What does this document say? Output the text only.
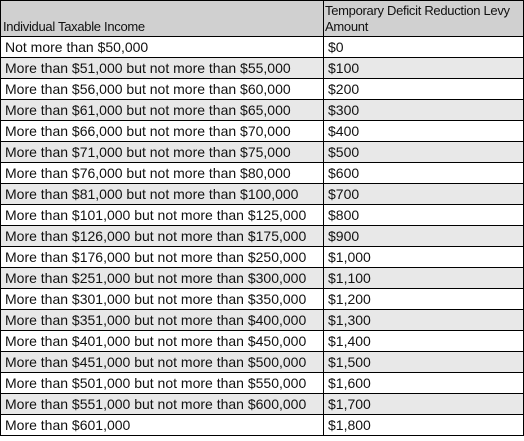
Individual Taxable Income	Temporary Deficit Reduction Levy Amount
Not more than $50,000	$0
More than $51,000 but not more than $55,000	$100
More than $56,000 but not more than $60,000	$200
More than $61,000 but not more than $65,000	$300
More than $66,000 but not more than $70,000	$400
More than $71,000 but not more than $75,000	$500
More than $76,000 but not more than $80,000	$600
More than $81,000 but not more than $100,000	$700
More than $101,000 but not more than $125,000	$800
More than $126,000 but not more than $175,000	$900
More than $176,000 but not more than $250,000	$1,000
More than $251,000 but not more than $300,000	$1,100
More than $301,000 but not more than $350,000	$1,200
More than $351,000 but not more than $400,000	$1,300
More than $401,000 but not more than $450,000	$1,400
More than $451,000 but not more than $500,000	$1,500
More than $501,000 but not more than $550,000	$1,600
More than $551,000 but not more than $600,000	$1,700
More than $601,000	$1,800
